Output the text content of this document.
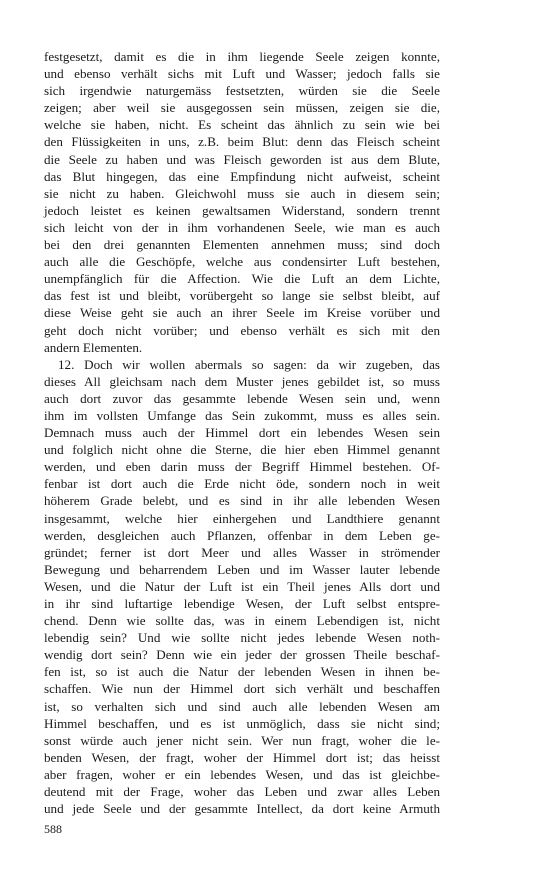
festgesetzt, damit es die in ihm liegende Seele zeigen konnte,
und ebenso verhält sichs mit Luft und Wasser; jedoch falls sie
sich irgendwie naturgemäss festsetzten, würden sie die Seele
zeigen; aber weil sie ausgegossen sein müssen, zeigen sie die,
welche sie haben, nicht. Es scheint das ähnlich zu sein wie bei
den Flüssigkeiten in uns, z.B. beim Blut: denn das Fleisch scheint
die Seele zu haben und was Fleisch geworden ist aus dem Blute,
das Blut hingegen, das eine Empfindung nicht aufweist, scheint
sie nicht zu haben. Gleichwohl muss sie auch in diesem sein;
jedoch leistet es keinen gewaltsamen Widerstand, sondern trennt
sich leicht von der in ihm vorhandenen Seele, wie man es auch
bei den drei genannten Elementen annehmen muss; sind doch
auch alle die Geschöpfe, welche aus condensirter Luft bestehen,
unempfänglich für die Affection. Wie die Luft an dem Lichte,
das fest ist und bleibt, vorübergeht so lange sie selbst bleibt, auf
diese Weise geht sie auch an ihrer Seele im Kreise vorüber und
geht doch nicht vorüber; und ebenso verhält es sich mit den
andern Elementen.
12. Doch wir wollen abermals so sagen: da wir zugeben, das
dieses All gleichsam nach dem Muster jenes gebildet ist, so muss
auch dort zuvor das gesammte lebende Wesen sein und, wenn
ihm im vollsten Umfange das Sein zukommt, muss es alles sein.
Demnach muss auch der Himmel dort ein lebendes Wesen sein
und folglich nicht ohne die Sterne, die hier eben Himmel genannt
werden, und eben darin muss der Begriff Himmel bestehen. Of-
fenbar ist dort auch die Erde nicht öde, sondern noch in weit
höherem Grade belebt, und es sind in ihr alle lebenden Wesen
insgesammt, welche hier einhergehen und Landthiere genannt
werden, desgleichen auch Pflanzen, offenbar in dem Leben ge-
gründet; ferner ist dort Meer und alles Wasser in strömender
Bewegung und beharrendem Leben und im Wasser lauter lebende
Wesen, und die Natur der Luft ist ein Theil jenes Alls dort und
in ihr sind luftartige lebendige Wesen, der Luft selbst entspre-
chend. Denn wie sollte das, was in einem Lebendigen ist, nicht
lebendig sein? Und wie sollte nicht jedes lebende Wesen noth-
wendig dort sein? Denn wie ein jeder der grossen Theile beschaf-
fen ist, so ist auch die Natur der lebenden Wesen in ihnen be-
schaffen. Wie nun der Himmel dort sich verhält und beschaffen
ist, so verhalten sich und sind auch alle lebenden Wesen am
Himmel beschaffen, und es ist unmöglich, dass sie nicht sind;
sonst würde auch jener nicht sein. Wer nun fragt, woher die le-
benden Wesen, der fragt, woher der Himmel dort ist; das heisst
aber fragen, woher er ein lebendes Wesen, und das ist gleichbe-
deutend mit der Frage, woher das Leben und zwar alles Leben
und jede Seele und der gesammte Intellect, da dort keine Armuth
588
